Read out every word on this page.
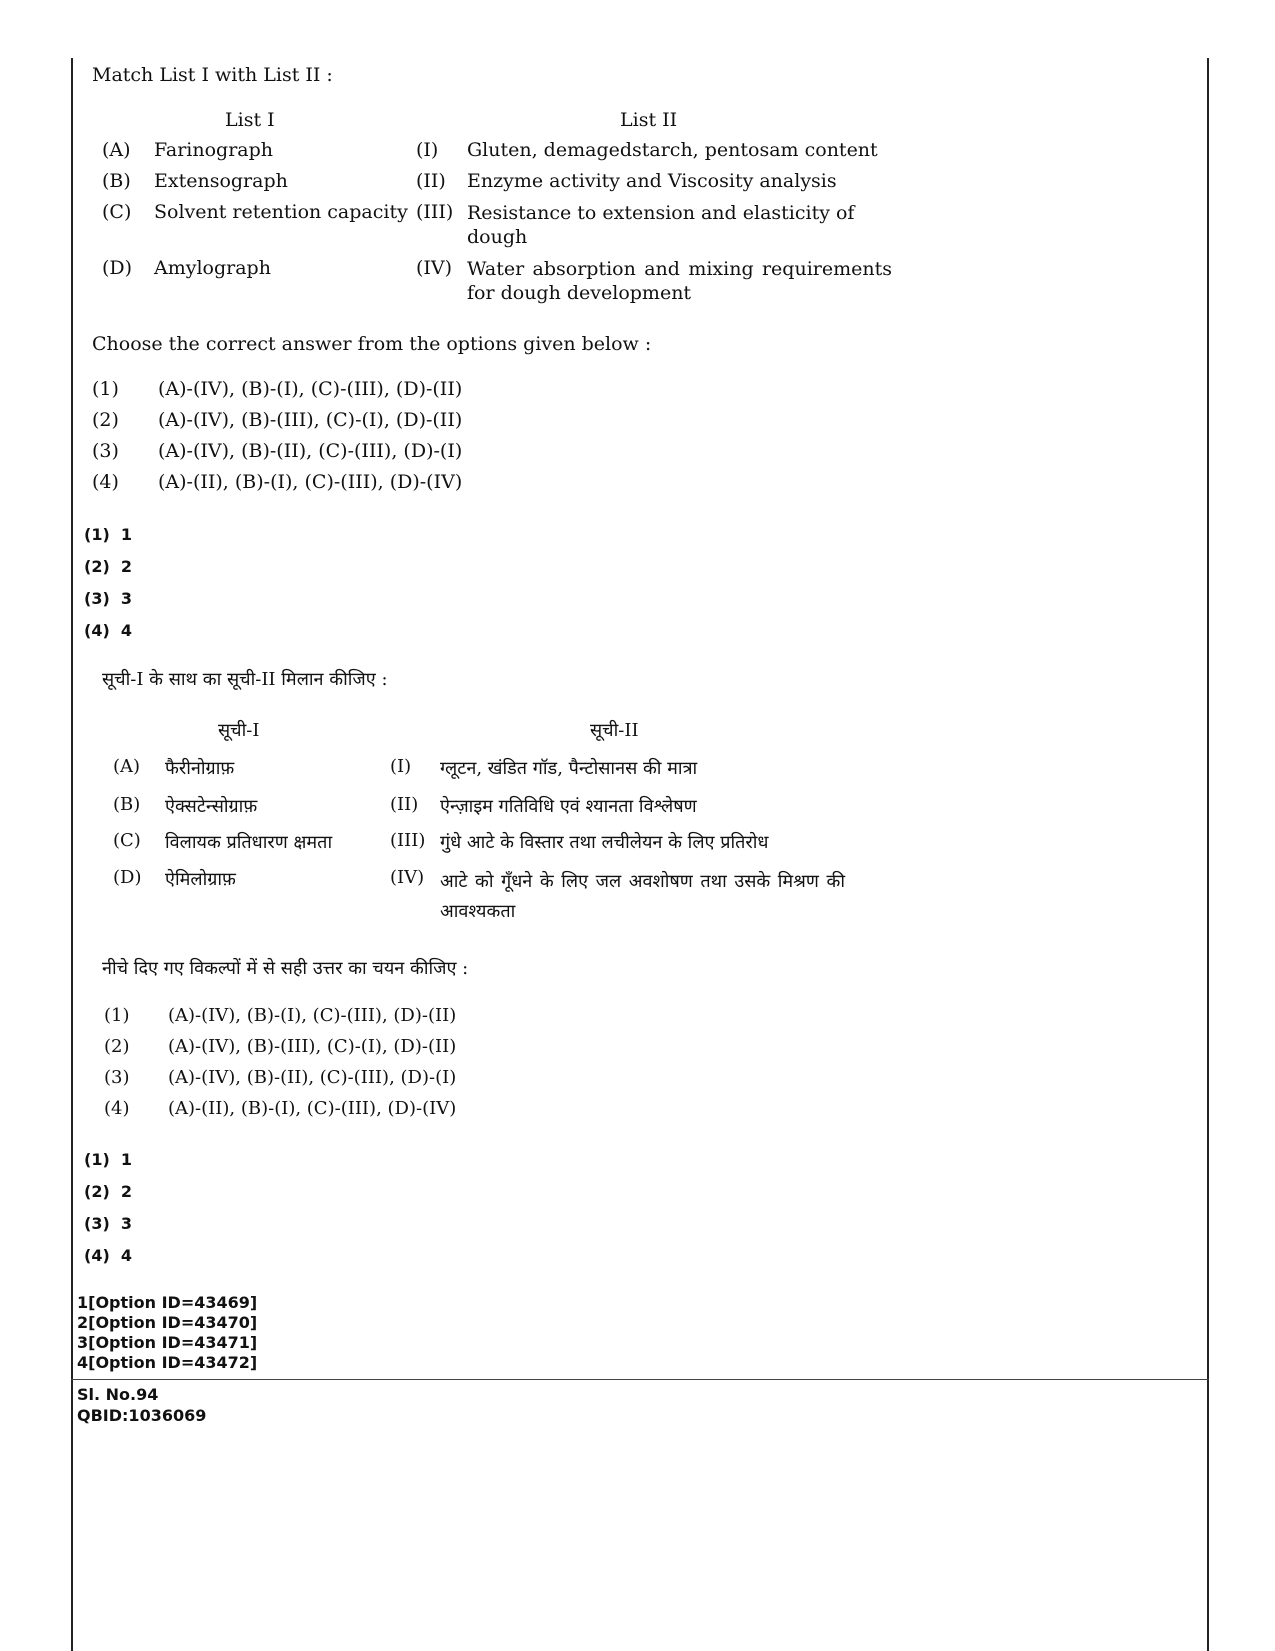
Match List I with List II :
List I	List II
(A) Farinograph	(I) Gluten, demagedstarch, pentosam content
(B) Extensograph	(II) Enzyme activity and Viscosity analysis
(C) Solvent retention capacity (III) Resistance to extension and elasticity of dough
(D) Amylograph	(IV) Water absorption and mixing requirements for dough development
Choose the correct answer from the options given below :
(1) (A)-(IV), (B)-(I), (C)-(III), (D)-(II)
(2) (A)-(IV), (B)-(III), (C)-(I), (D)-(II)
(3) (A)-(IV), (B)-(II), (C)-(III), (D)-(I)
(4) (A)-(II), (B)-(I), (C)-(III), (D)-(IV)
(1)  1
(2)  2
(3)  3
(4)  4
सूची-I के साथ का सूची-II मिलान कीजिए :
सूची-I	सूची-II
(A) फैरीनोग्राफ़	(I) ग्लूटन, खंडित गॉड, पैन्टोसानस की मात्रा
(B) ऐक्सटेन्सोग्राफ़	(II) ऐन्ज़ाइम गतिविधि एवं श्यानता विश्लेषण
(C) विलायक प्रतिधारण क्षमता	(III) गुंधे आटे के विस्तार तथा लचीलेयन के लिए प्रतिरोध
(D) ऐमिलोग्राफ़	(IV) आटे को गूँधने के लिए जल अवशोषण तथा उसके मिश्रण की आवश्यकता
नीचे दिए गए विकल्पों में से सही उत्तर का चयन कीजिए :
(1) (A)-(IV), (B)-(I), (C)-(III), (D)-(II)
(2) (A)-(IV), (B)-(III), (C)-(I), (D)-(II)
(3) (A)-(IV), (B)-(II), (C)-(III), (D)-(I)
(4) (A)-(II), (B)-(I), (C)-(III), (D)-(IV)
(1)  1
(2)  2
(3)  3
(4)  4
1[Option ID=43469]
2[Option ID=43470]
3[Option ID=43471]
4[Option ID=43472]
Sl. No.94
QBID:1036069
